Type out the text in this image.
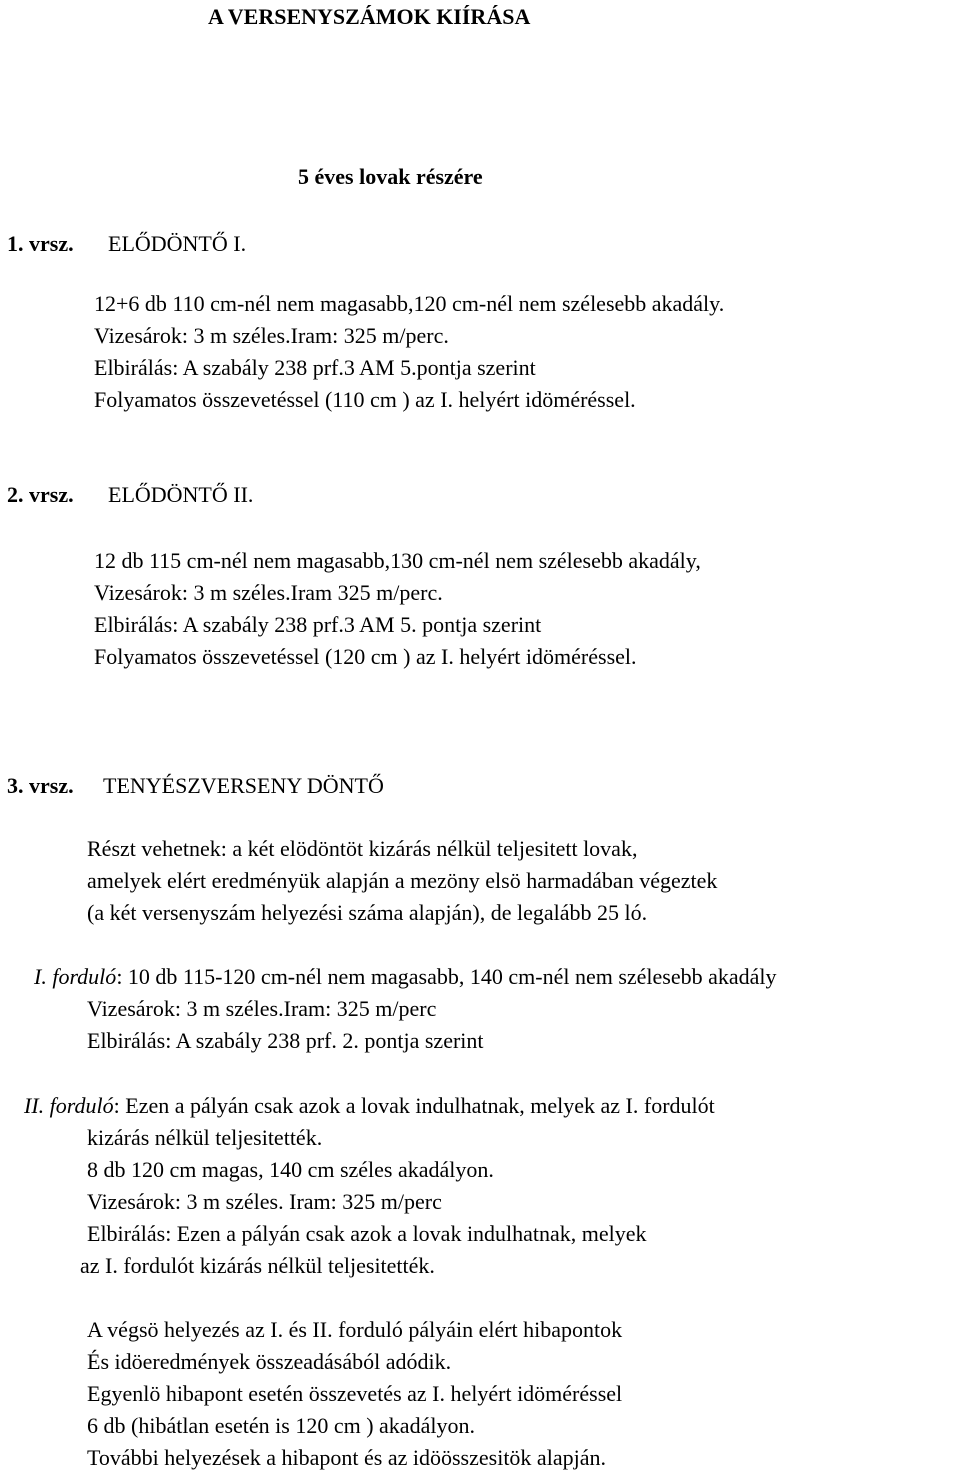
A VERSENYSZÁMOK KIÍRÁSA
5 éves lovak részére
1. vrsz. ELŐDÖNTŐ I.
12+6 db 110 cm-nél nem magasabb,120 cm-nél nem szélesebb akadály.
Vizesárok: 3 m széles.Iram: 325 m/perc.
Elbirálás: A szabály 238 prf.3 AM 5.pontja szerint
Folyamatos összevetéssel (110 cm ) az I. helyért idöméréssel.
2. vrsz. ELŐDÖNTŐ II.
12 db 115 cm-nél nem magasabb,130 cm-nél nem szélesebb akadály,
Vizesárok: 3 m széles.Iram 325 m/perc.
Elbirálás: A szabály 238 prf.3 AM 5. pontja szerint
Folyamatos összevetéssel (120 cm ) az I. helyért idöméréssel.
3. vrsz. TENYÉSZVERSENY DÖNTŐ
Részt vehetnek: a két elödöntöt kizárás nélkül teljesitett lovak,
amelyek elért eredményük alapján a mezöny elsö harmadában végeztek
(a két versenyszám helyezési száma alapján), de legalább 25 ló.
I. forduló: 10 db 115-120 cm-nél nem magasabb, 140 cm-nél nem szélesebb akadály
Vizesárok: 3 m széles.Iram: 325 m/perc
Elbirálás: A szabály 238 prf. 2. pontja szerint
II. forduló: Ezen a pályán csak azok a lovak indulhatnak, melyek az I. fordulót
kizárás nélkül teljesitették.
8 db 120 cm magas, 140 cm széles akadályon.
Vizesárok: 3 m széles. Iram: 325 m/perc
Elbirálás: Ezen a pályán csak azok a lovak indulhatnak, melyek
az I. fordulót kizárás nélkül teljesitették.
A végsö helyezés az I. és II. forduló pályáin elért hibapontok
És idöeredmények összeadásából adódik.
Egyenlö hibapont esetén összevetés az I. helyért idöméréssel
6 db (hibátlan esetén is 120 cm ) akadályon.
További helyezések a hibapont és az idöösszesitök alapján.
